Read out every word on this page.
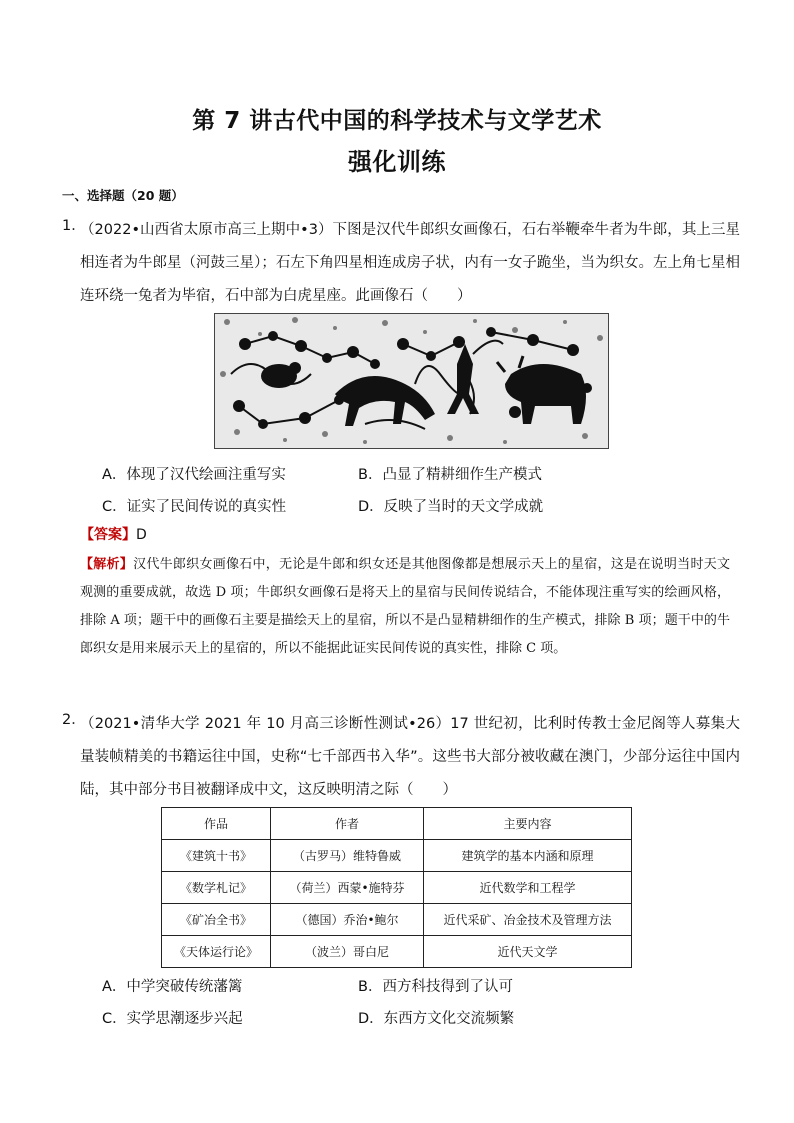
第 7 讲古代中国的科学技术与文学艺术
强化训练
一、选择题（20 题）
1．
（2022•山西省太原市高三上期中•3）下图是汉代牛郎织女画像石，石右举鞭牵牛者为牛郎，其上三星相连者为牛郎星（河鼓三星）；石左下角四星相连成房子状，内有一女子跪坐，当为织女。左上角七星相连环绕一兔者为毕宿，石中部为白虎星座。此画像石（　　）
A．体现了汉代绘画注重写实	B．凸显了精耕细作生产模式
C．证实了民间传说的真实性	D．反映了当时的天文学成就
【答案】D
【解析】汉代牛郎织女画像石中，无论是牛郎和织女还是其他图像都是想展示天上的星宿，这是在说明当时天文观测的重要成就，故选 D 项；牛郎织女画像石是将天上的星宿与民间传说结合，不能体现注重写实的绘画风格，排除 A 项；题干中的画像石主要是描绘天上的星宿，所以不是凸显精耕细作的生产模式，排除 B 项；题干中的牛郎织女是用来展示天上的星宿的，所以不能据此证实民间传说的真实性，排除 C 项。
2．
（2021•清华大学 2021 年 10 月高三诊断性测试•26）17 世纪初，比利时传教士金尼阁等人募集大量装帧精美的书籍运往中国，史称“七千部西书入华”。这些书大部分被收藏在澳门，少部分运往中国内陆，其中部分书目被翻译成中文，这反映明清之际（　　）
作品	作者	主要内容
《建筑十书》	（古罗马）维特鲁威	建筑学的基本内涵和原理
《数学札记》	（荷兰）西蒙•施特芬	近代数学和工程学
《矿冶全书》	（德国）乔治•鲍尔	近代采矿、冶金技术及管理方法
《天体运行论》	（波兰）哥白尼	近代天文学
A．中学突破传统藩篱	B．西方科技得到了认可
C．实学思潮逐步兴起	D．东西方文化交流频繁
